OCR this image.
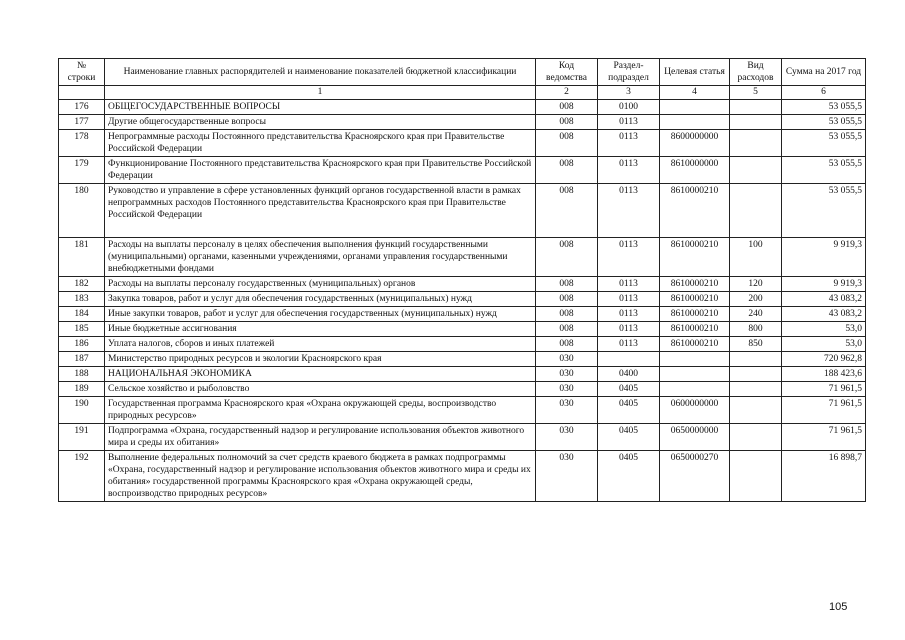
№ строки	Наименование главных распорядителей и наименование показателей бюджетной классификации	Код ведомства	Раздел-подраздел	Целевая статья	Вид расходов	Сумма на 2017 год
	1	2	3	4	5	6
176	ОБЩЕГОСУДАРСТВЕННЫЕ ВОПРОСЫ	008	0100			53 055,5
177	Другие общегосударственные вопросы	008	0113			53 055,5
178	Непрограммные расходы Постоянного представительства Красноярского края при Правительстве Российской Федерации	008	0113	8600000000		53 055,5
179	Функционирование Постоянного представительства Красноярского края при Правительстве Российской Федерации	008	0113	8610000000		53 055,5
180	Руководство и управление в сфере установленных функций органов государственной власти в рамках непрограммных расходов Постоянного представительства Красноярского края при Правительстве Российской Федерации	008	0113	8610000210		53 055,5
181	Расходы на выплаты персоналу в целях обеспечения выполнения функций государственными (муниципальными) органами, казенными учреждениями, органами управления государственными внебюджетными фондами	008	0113	8610000210	100	9 919,3
182	Расходы на выплаты персоналу государственных (муниципальных) органов	008	0113	8610000210	120	9 919,3
183	Закупка товаров, работ и услуг для обеспечения государственных (муниципальных) нужд	008	0113	8610000210	200	43 083,2
184	Иные закупки товаров, работ и услуг для обеспечения государственных (муниципальных) нужд	008	0113	8610000210	240	43 083,2
185	Иные бюджетные ассигнования	008	0113	8610000210	800	53,0
186	Уплата налогов, сборов и иных платежей	008	0113	8610000210	850	53,0
187	Министерство природных ресурсов и экологии Красноярского края	030				720 962,8
188	НАЦИОНАЛЬНАЯ ЭКОНОМИКА	030	0400			188 423,6
189	Сельское хозяйство и рыболовство	030	0405			71 961,5
190	Государственная программа Красноярского края «Охрана окружающей среды, воспроизводство природных ресурсов»	030	0405	0600000000		71 961,5
191	Подпрограмма «Охрана, государственный надзор и регулирование использования объектов животного мира и среды их обитания»	030	0405	0650000000		71 961,5
192	Выполнение федеральных полномочий за счет средств краевого бюджета в рамках подпрограммы «Охрана, государственный надзор и регулирование использования объектов животного мира и среды их обитания» государственной программы Красноярского края «Охрана окружающей среды, воспроизводство природных ресурсов»	030	0405	0650000270		16 898,7
105
